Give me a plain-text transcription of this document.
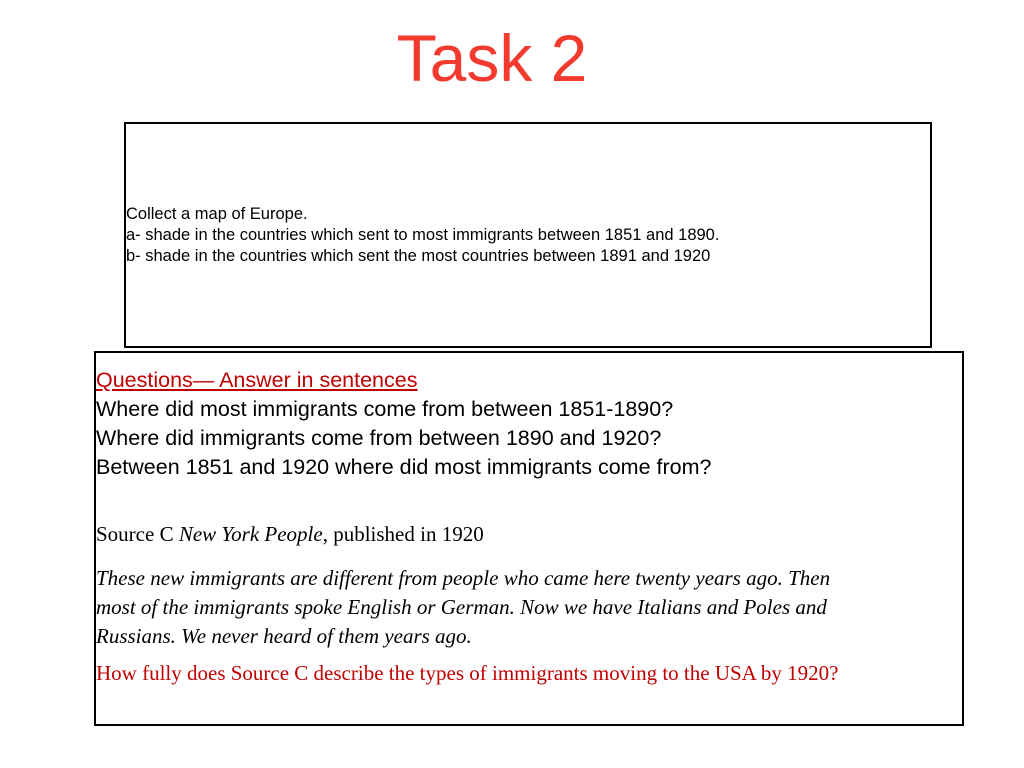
Task 2
Collect a map of Europe.
a- shade in the countries which sent to most immigrants between 1851 and 1890.
b- shade in the countries which sent the most countries between 1891 and 1920
Questions— Answer in sentences
Where did most immigrants come from between 1851-1890?
Where did immigrants come from between 1890 and 1920?
Between 1851 and 1920 where did most immigrants come from?
Source C New York People, published in 1920
These new immigrants are different from people who came here twenty years ago. Then
most of the immigrants spoke English or German. Now we have Italians and Poles and
Russians. We never heard of them years ago.
How fully does Source C describe the types of immigrants moving to the USA by 1920?
